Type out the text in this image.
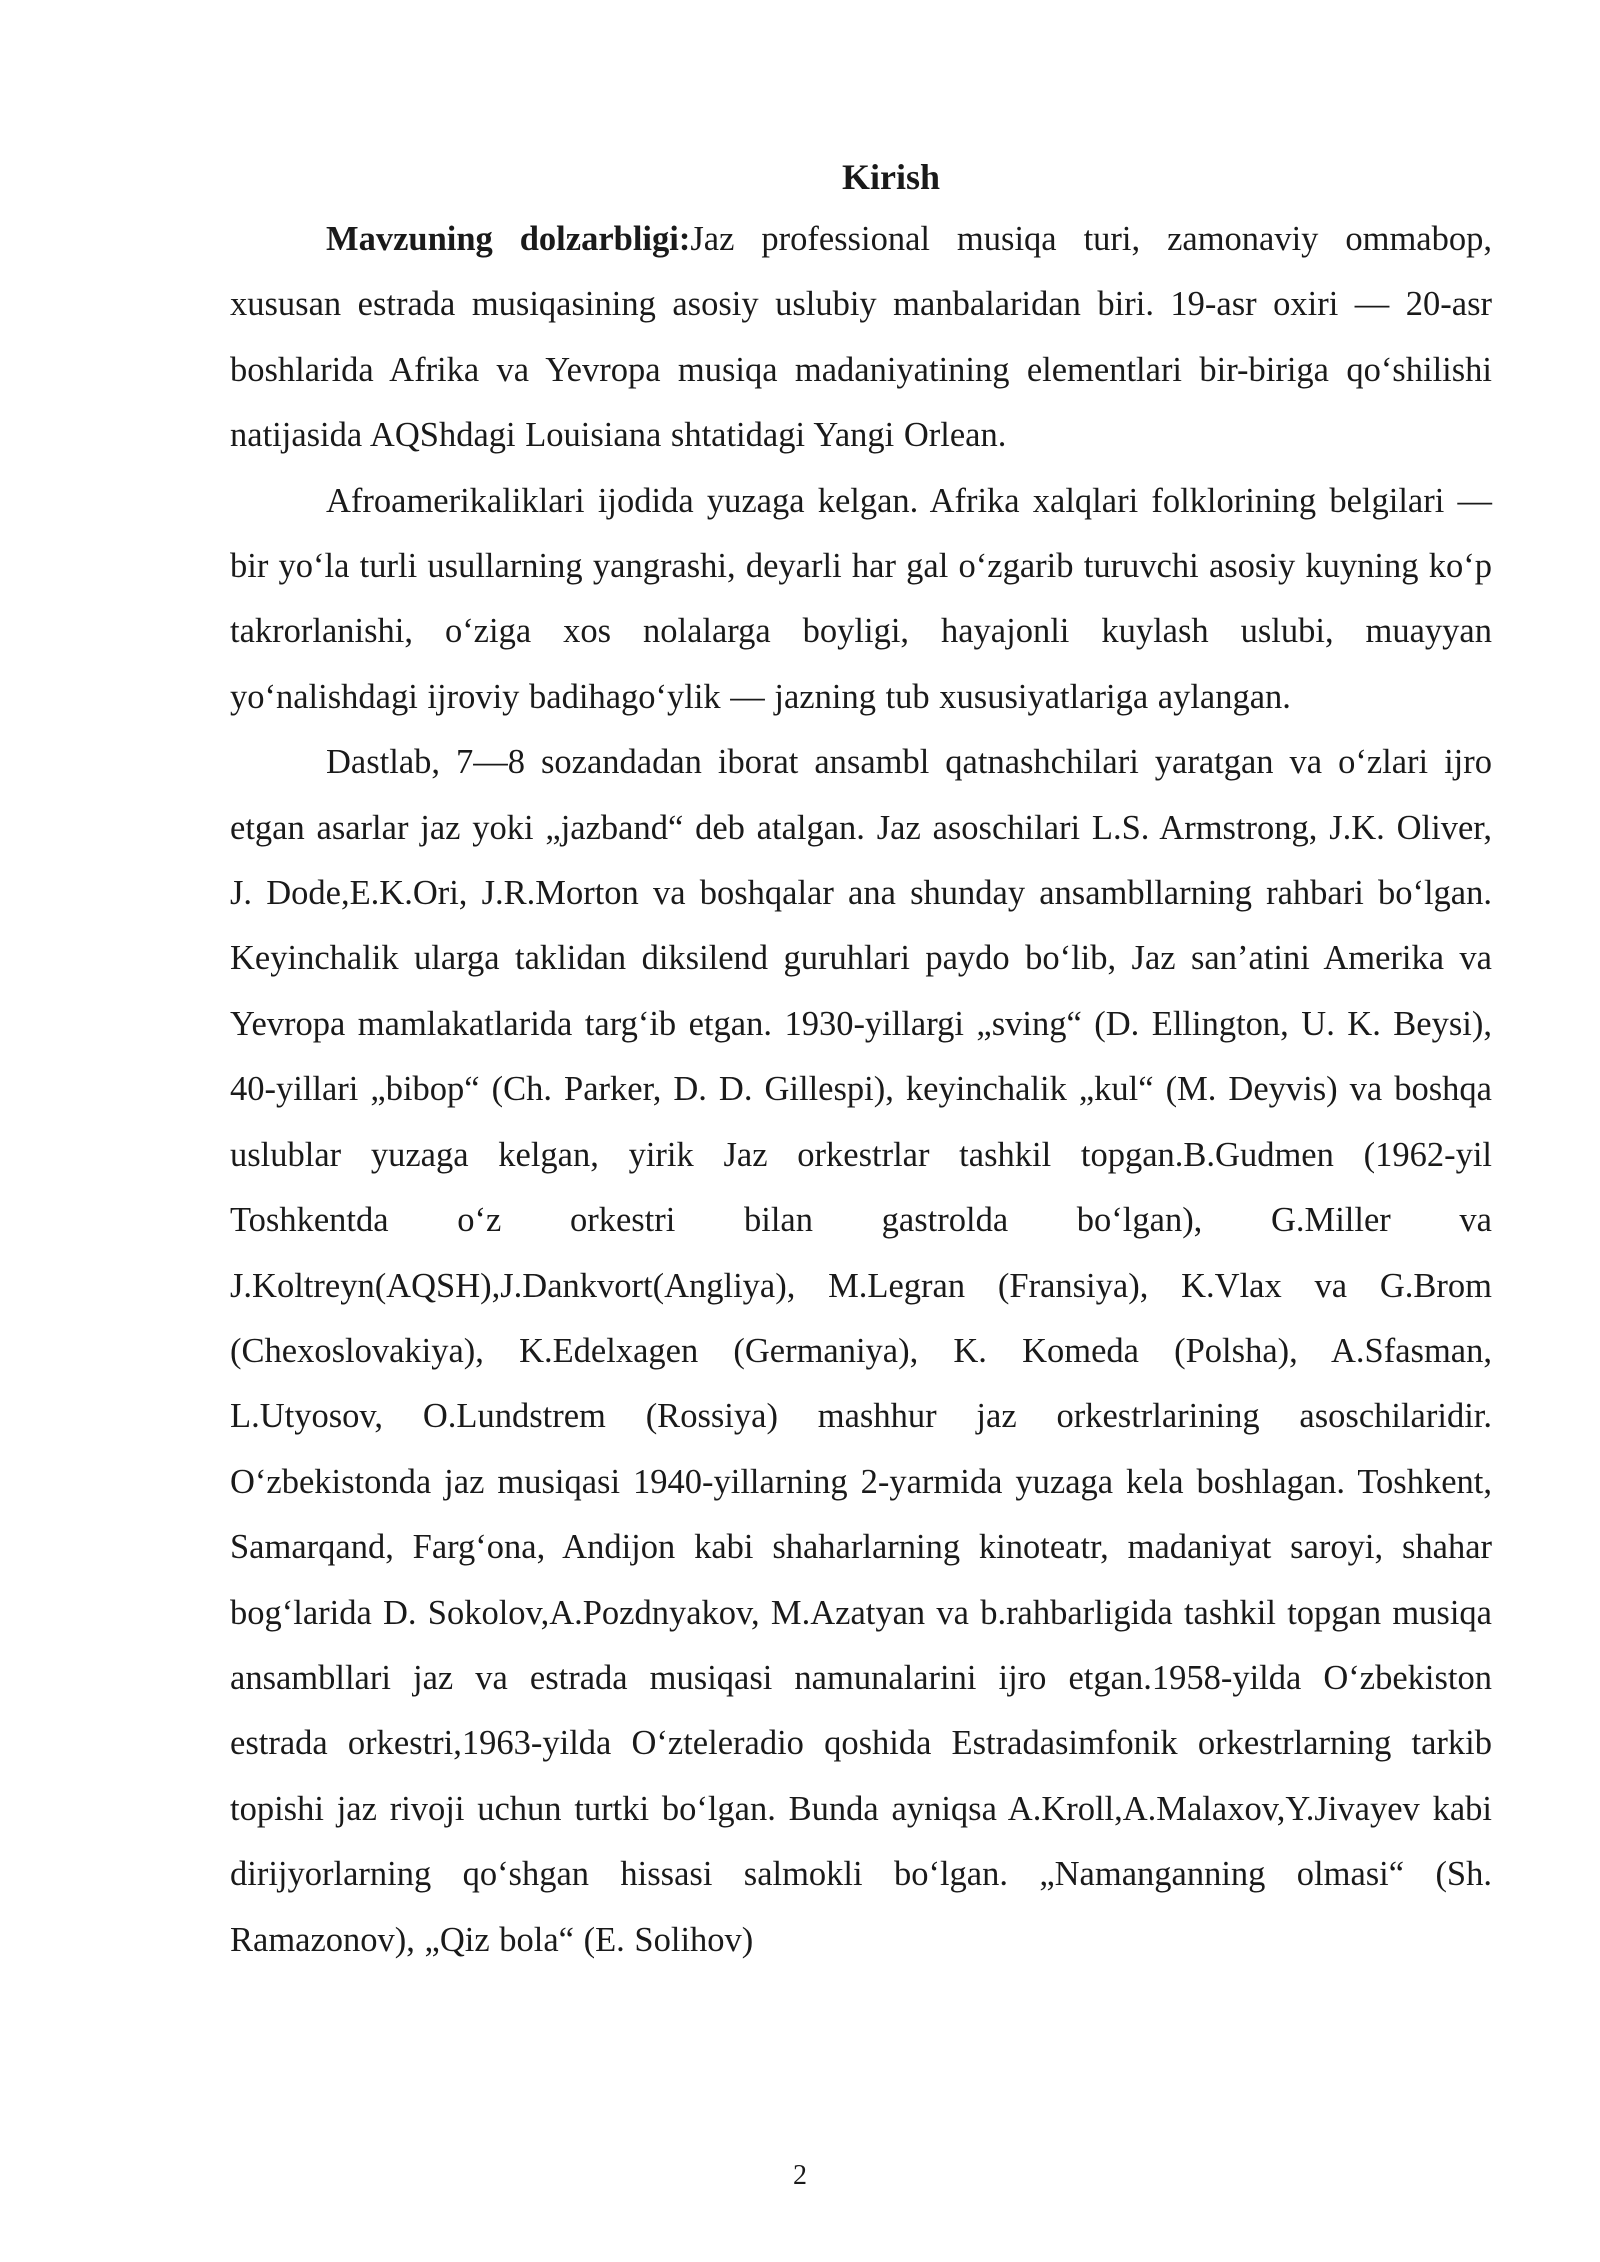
Kirish

Mavzuning dolzarbligi:Jaz professional musiqa turi, zamonaviy ommabop, xususan estrada musiqasining asosiy uslubiy manbalaridan biri. 19-asr oxiri — 20-asr boshlarida Afrika va Yevropa musiqa madaniyatining elementlari bir-biriga qo‘shilishi natijasida AQShdagi Louisiana shtatidagi Yangi Orlean.

Afroamerikaliklari ijodida yuzaga kelgan. Afrika xalqlari folklorining belgilari — bir yo‘la turli usullarning yangrashi, deyarli har gal o‘zgarib turuvchi asosiy kuyning ko‘p takrorlanishi, o‘ziga xos nolalarga boyligi, hayajonli kuylash uslubi, muayyan yo‘nalishdagi ijroviy badihago‘ylik — jazning tub xususiyatlariga aylangan.

Dastlab, 7—8 sozandadan iborat ansambl qatnashchilari yaratgan va o‘zlari ijro etgan asarlar jaz yoki „jazband“ deb atalgan. Jaz asoschilari L.S. Armstrong, J.K. Oliver, J. Dode,E.K.Ori, J.R.Morton va boshqalar ana shunday ansambllarning rahbari bo‘lgan. Keyinchalik ularga taklidan diksilend guruhlari paydo bo‘lib, Jaz san’atini Amerika va Yevropa mamlakatlarida targ‘ib etgan. 1930-yillargi „sving“ (D. Ellington, U. K. Beysi), 40-yillari „bibop“ (Ch. Parker, D. D. Gillespi), keyinchalik „kul“ (M. Deyvis) va boshqa uslublar yuzaga kelgan, yirik Jaz orkestrlar tashkil topgan.B.Gudmen (1962-yil Toshkentda o‘z orkestri bilan gastrolda bo‘lgan), G.Miller va J.Koltreyn(AQSH),J.Dankvort(Angliya), M.Legran (Fransiya), K.Vlax va G.Brom (Chexoslovakiya), K.Edelxagen (Germaniya), K. Komeda (Polsha), A.Sfasman, L.Utyosov, O.Lundstrem (Rossiya) mashhur jaz orkestrlarining asoschilaridir. O‘zbekistonda jaz musiqasi 1940-yillarning 2-yarmida yuzaga kela boshlagan. Toshkent, Samarqand, Farg‘ona, Andijon kabi shaharlarning kinoteatr, madaniyat saroyi, shahar bog‘larida D. Sokolov,A.Pozdnyakov, M.Azatyan va b.rahbarligida tashkil topgan musiqa ansambllari jaz va estrada musiqasi namunalarini ijro etgan.1958-yilda O‘zbekiston estrada orkestri,1963-yilda O‘zteleradio qoshida Estradasimfonik orkestrlarning tarkib topishi jaz rivoji uchun turtki bo‘lgan. Bunda ayniqsa A.Kroll,A.Malaxov,Y.Jivayev kabi dirijyorlarning qo‘shgan hissasi salmokli bo‘lgan. „Namanganning olmasi“ (Sh. Ramazonov), „Qiz bola“ (E. Solihov)

2
